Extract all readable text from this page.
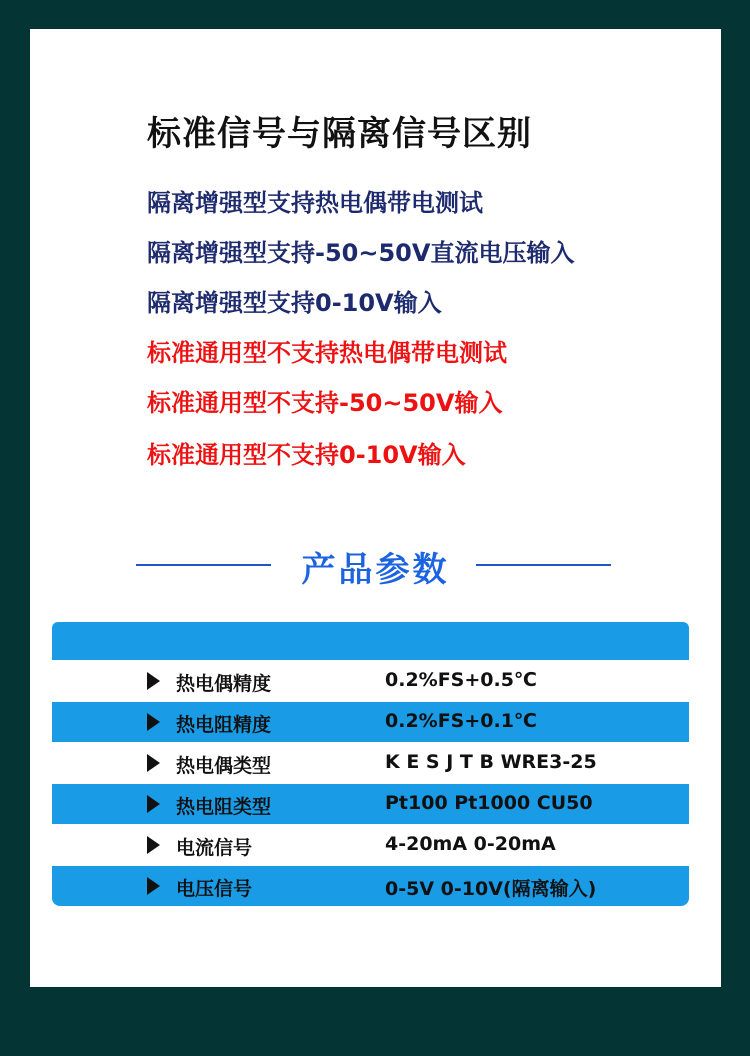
标准信号与隔离信号区别
隔离增强型支持热电偶带电测试
隔离增强型支持-50~50V直流电压输入
隔离增强型支持0-10V输入
标准通用型不支持热电偶带电测试
标准通用型不支持-50~50V输入
标准通用型不支持0-10V输入
产品参数
热电偶精度	0.2%FS+0.5℃
热电阻精度	0.2%FS+0.1℃
热电偶类型	K E S J T B WRE3-25
热电阻类型	Pt100 Pt1000 CU50
电流信号	4-20mA 0-20mA
电压信号	0-5V 0-10V(隔离输入)
